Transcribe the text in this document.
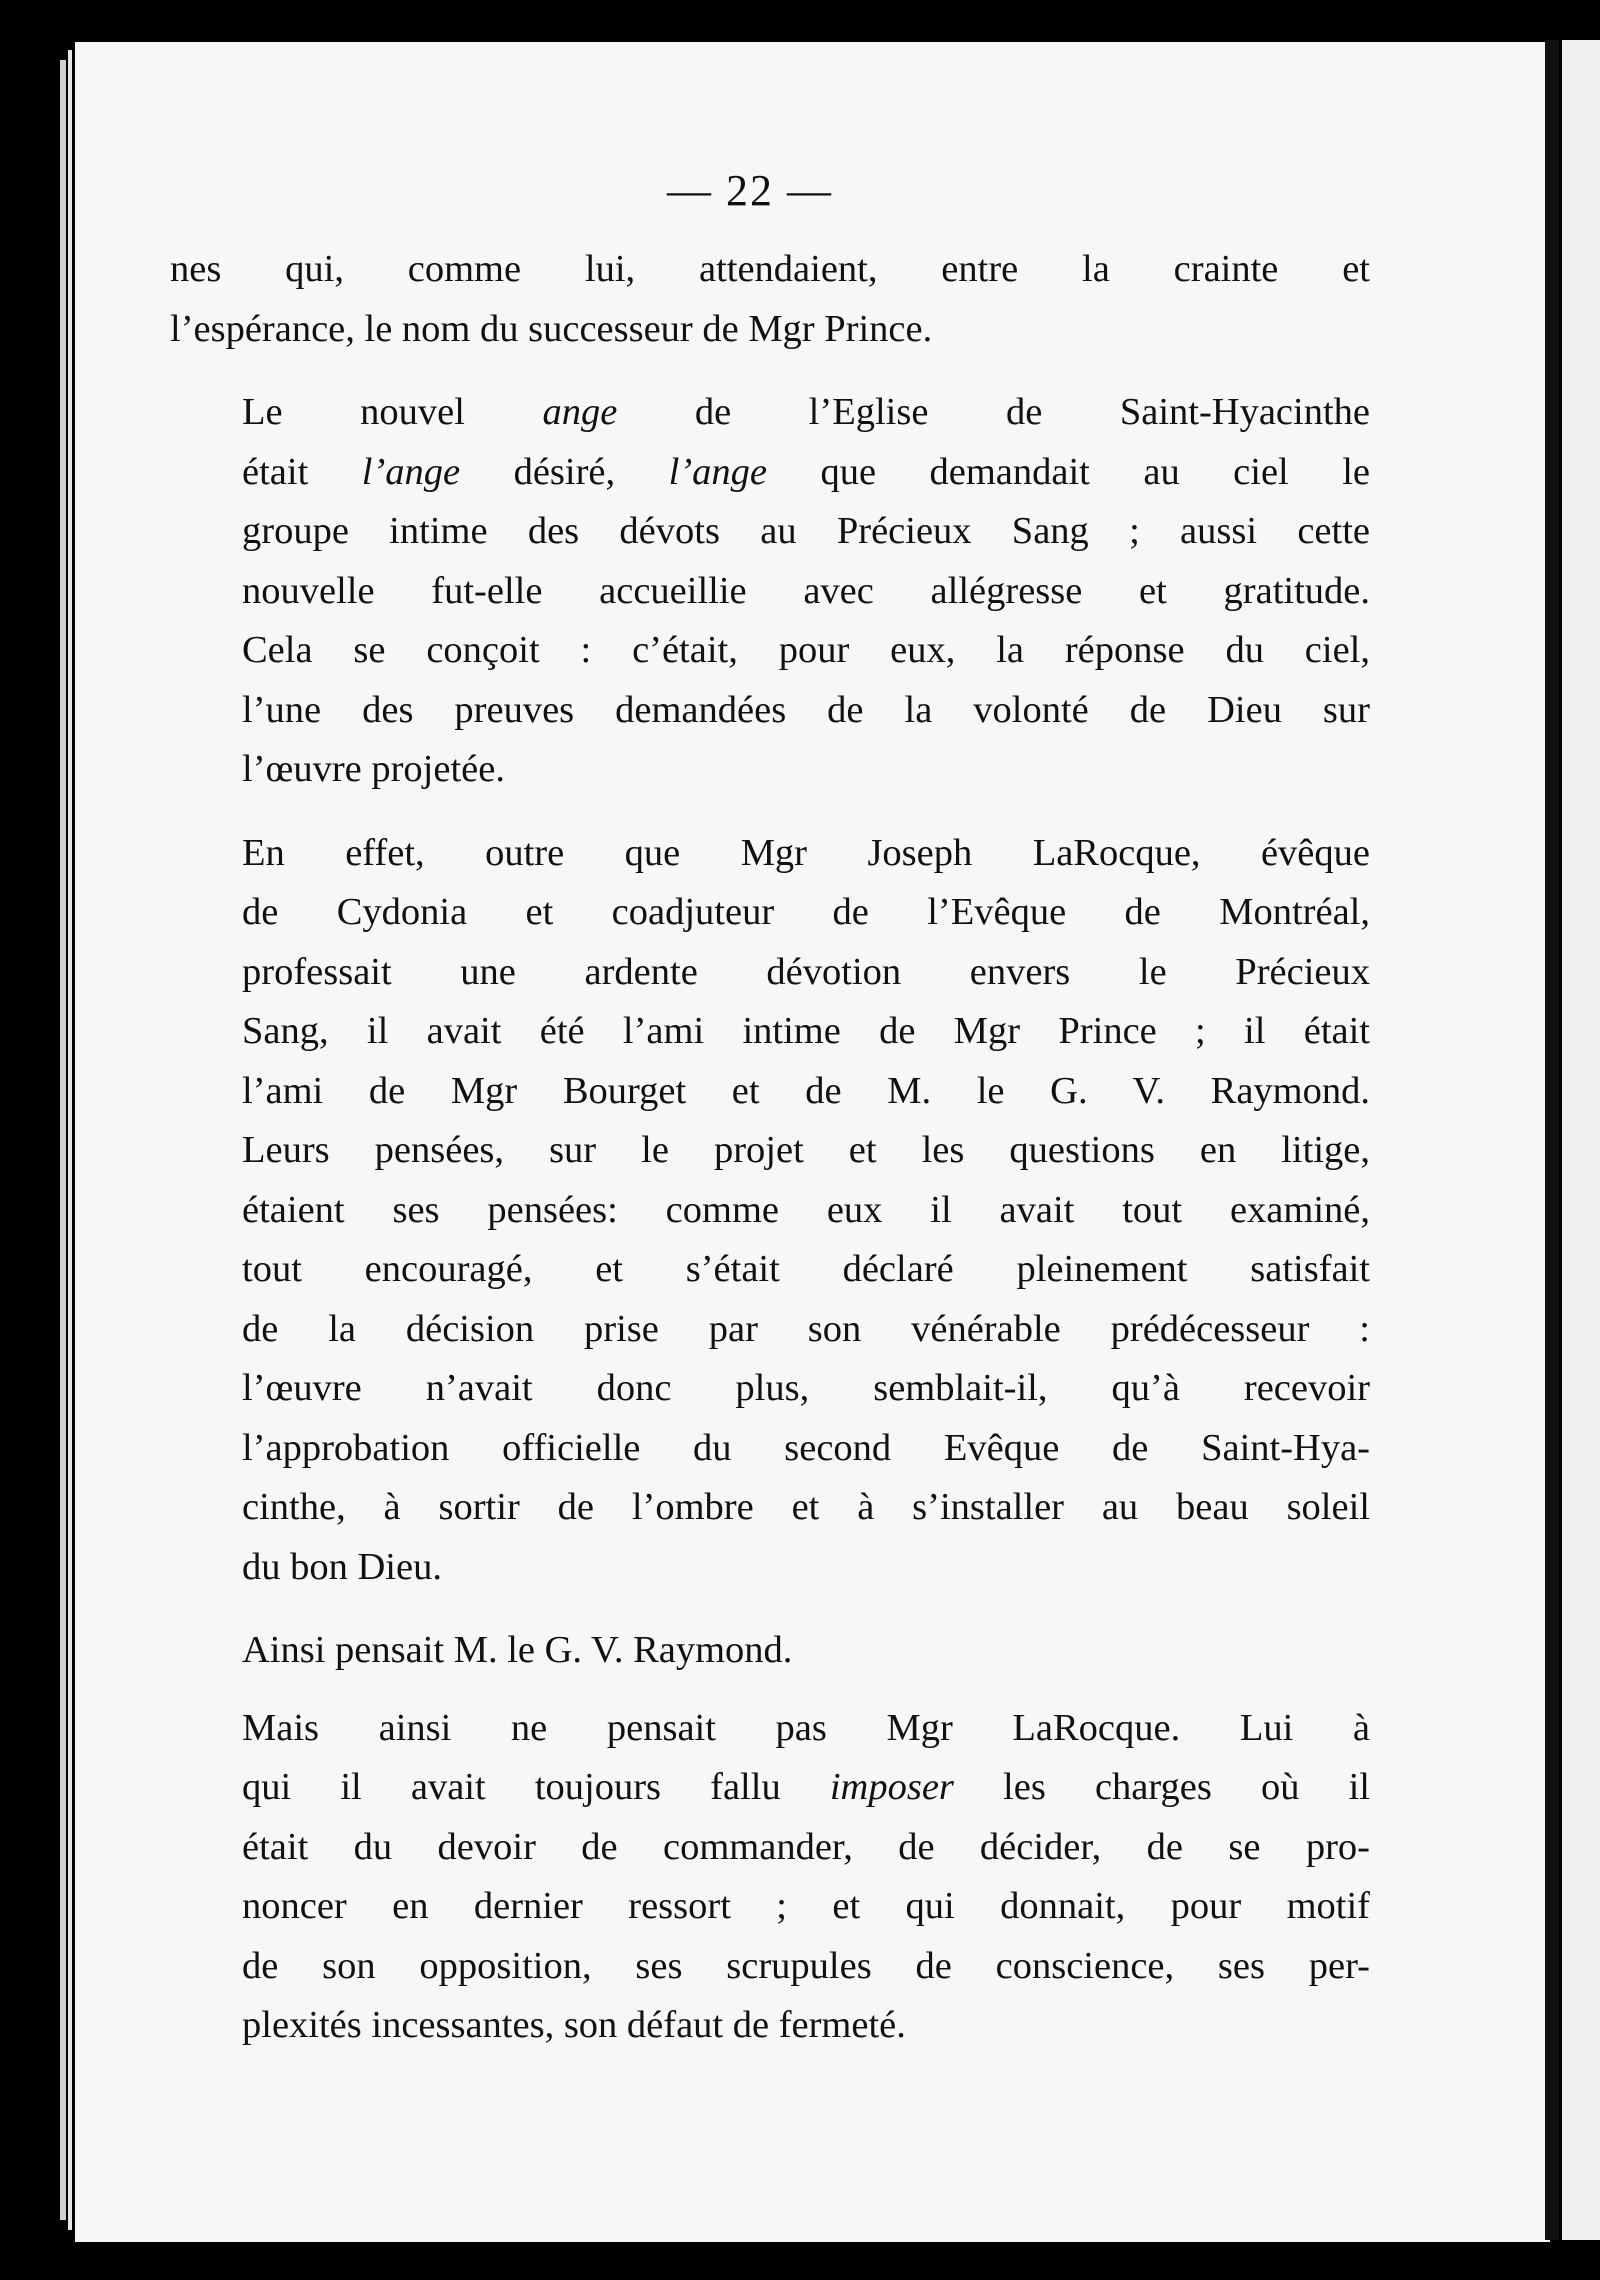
— 22 —

nes qui, comme lui, attendaient, entre la crainte et
l’espérance, le nom du successeur de Mgr Prince.

Le nouvel ange de l’Eglise de Saint-Hyacinthe
était l’ange désiré, l’ange que demandait au ciel le
groupe intime des dévots au Précieux Sang ; aussi cette
nouvelle fut-elle accueillie avec allégresse et gratitude.
Cela se conçoit : c’était, pour eux, la réponse du ciel,
l’une des preuves demandées de la volonté de Dieu sur
l’œuvre projetée.

En effet, outre que Mgr Joseph LaRocque, évêque
de Cydonia et coadjuteur de l’Evêque de Montréal,
professait une ardente dévotion envers le Précieux
Sang, il avait été l’ami intime de Mgr Prince ; il était
l’ami de Mgr Bourget et de M. le G. V. Raymond.
Leurs pensées, sur le projet et les questions en litige,
étaient ses pensées: comme eux il avait tout examiné,
tout encouragé, et s’était déclaré pleinement satisfait
de la décision prise par son vénérable prédécesseur :
l’œuvre n’avait donc plus, semblait-il, qu’à recevoir
l’approbation officielle du second Evêque de Saint-Hya-
cinthe, à sortir de l’ombre et à s’installer au beau soleil
du bon Dieu.

Ainsi pensait M. le G. V. Raymond.

Mais ainsi ne pensait pas Mgr LaRocque. Lui à
qui il avait toujours fallu imposer les charges où il
était du devoir de commander, de décider, de se pro-
noncer en dernier ressort ; et qui donnait, pour motif
de son opposition, ses scrupules de conscience, ses per-
plexités incessantes, son défaut de fermeté.
